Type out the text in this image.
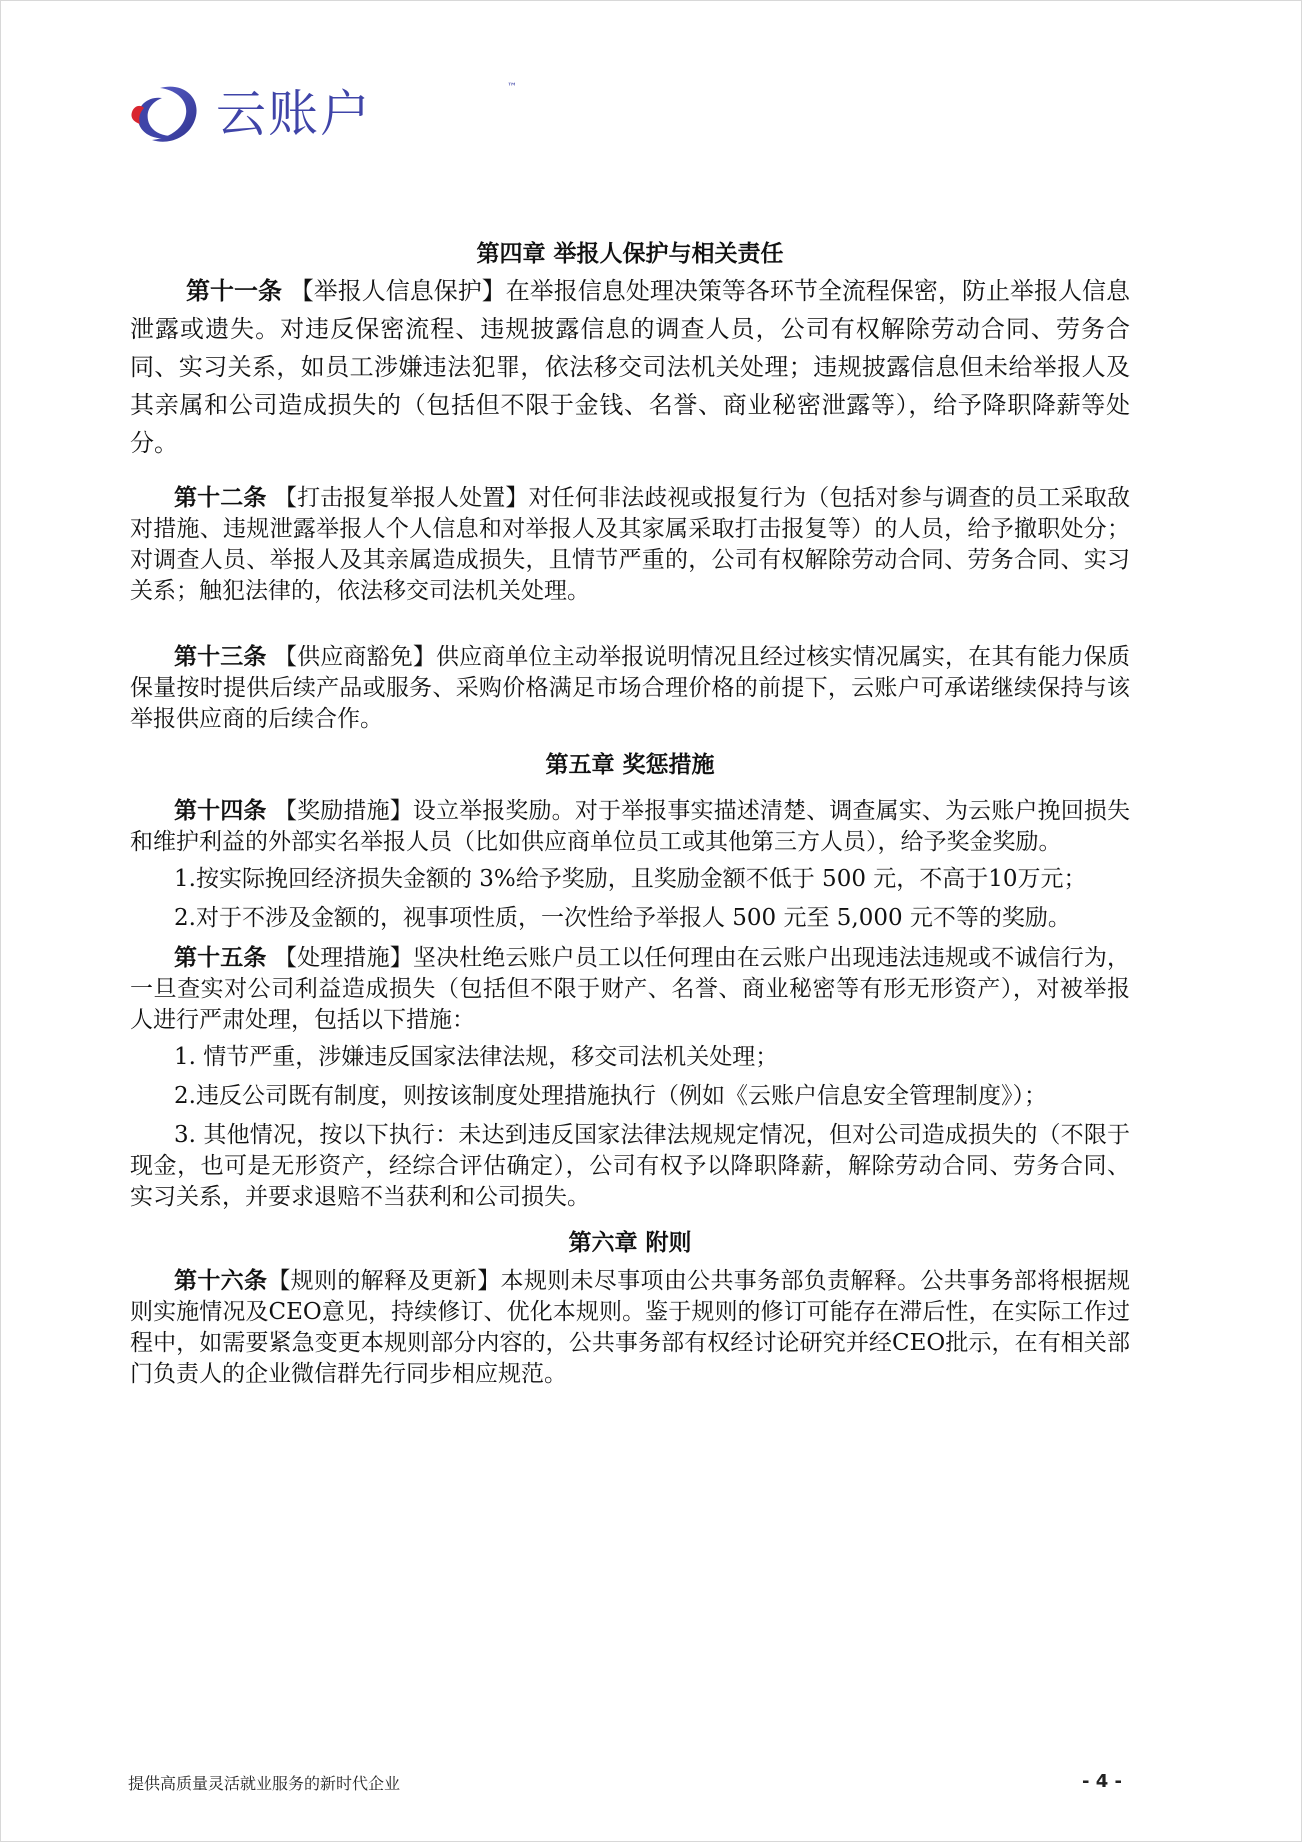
云账户	™
第四章 举报人保护与相关责任

第十一条 【举报人信息保护】在举报信息处理决策等各环节全流程保密，防止举报人信息泄露或遗失。对违反保密流程、违规披露信息的调查人员，公司有权解除劳动合同、劳务合同、实习关系，如员工涉嫌违法犯罪，依法移交司法机关处理；违规披露信息但未给举报人及其亲属和公司造成损失的（包括但不限于金钱、名誉、商业秘密泄露等），给予降职降薪等处分。

第十二条 【打击报复举报人处置】对任何非法歧视或报复行为（包括对参与调查的员工采取敌对措施、违规泄露举报人个人信息和对举报人及其家属采取打击报复等）的人员，给予撤职处分；对调查人员、举报人及其亲属造成损失，且情节严重的，公司有权解除劳动合同、劳务合同、实习关系；触犯法律的，依法移交司法机关处理。

第十三条 【供应商豁免】供应商单位主动举报说明情况且经过核实情况属实，在其有能力保质保量按时提供后续产品或服务、采购价格满足市场合理价格的前提下，云账户可承诺继续保持与该举报供应商的后续合作。

第五章 奖惩措施

第十四条 【奖励措施】设立举报奖励。对于举报事实描述清楚、调查属实、为云账户挽回损失和维护利益的外部实名举报人员（比如供应商单位员工或其他第三方人员），给予奖金奖励。

1.按实际挽回经济损失金额的 3%给予奖励，且奖励金额不低于 500 元，不高于10万元；

2.对于不涉及金额的，视事项性质，一次性给予举报人 500 元至 5,000 元不等的奖励。

第十五条 【处理措施】坚决杜绝云账户员工以任何理由在云账户出现违法违规或不诚信行为，一旦查实对公司利益造成损失（包括但不限于财产、名誉、商业秘密等有形无形资产），对被举报人进行严肃处理，包括以下措施：

1. 情节严重，涉嫌违反国家法律法规，移交司法机关处理；

2.违反公司既有制度，则按该制度处理措施执行（例如《云账户信息安全管理制度》）；

3. 其他情况，按以下执行：未达到违反国家法律法规规定情况，但对公司造成损失的（不限于现金，也可是无形资产，经综合评估确定），公司有权予以降职降薪，解除劳动合同、劳务合同、实习关系，并要求退赔不当获利和公司损失。

第六章 附则

第十六条【规则的解释及更新】本规则未尽事项由公共事务部负责解释。公共事务部将根据规则实施情况及CEO意见，持续修订、优化本规则。鉴于规则的修订可能存在滞后性，在实际工作过程中，如需要紧急变更本规则部分内容的，公共事务部有权经讨论研究并经CEO批示，在有相关部门负责人的企业微信群先行同步相应规范。

提供高质量灵活就业服务的新时代企业	- 4 -
